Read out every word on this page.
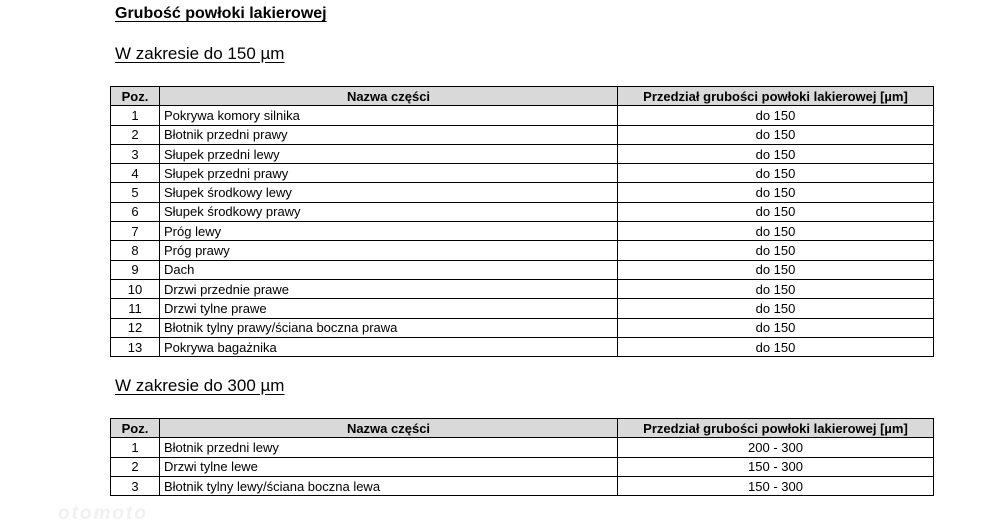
Grubość powłoki lakierowej
W zakresie do 150 µm
Poz.	Nazwa części	Przedział grubości powłoki lakierowej [µm]
1	Pokrywa komory silnika	do 150
2	Błotnik przedni prawy	do 150
3	Słupek przedni lewy	do 150
4	Słupek przedni prawy	do 150
5	Słupek środkowy lewy	do 150
6	Słupek środkowy prawy	do 150
7	Próg lewy	do 150
8	Próg prawy	do 150
9	Dach	do 150
10	Drzwi przednie prawe	do 150
11	Drzwi tylne prawe	do 150
12	Błotnik tylny prawy/ściana boczna prawa	do 150
13	Pokrywa bagażnika	do 150
W zakresie do 300 µm
Poz.	Nazwa części	Przedział grubości powłoki lakierowej [µm]
1	Błotnik przedni lewy	200 - 300
2	Drzwi tylne lewe	150 - 300
3	Błotnik tylny lewy/ściana boczna lewa	150 - 300
otomoto
